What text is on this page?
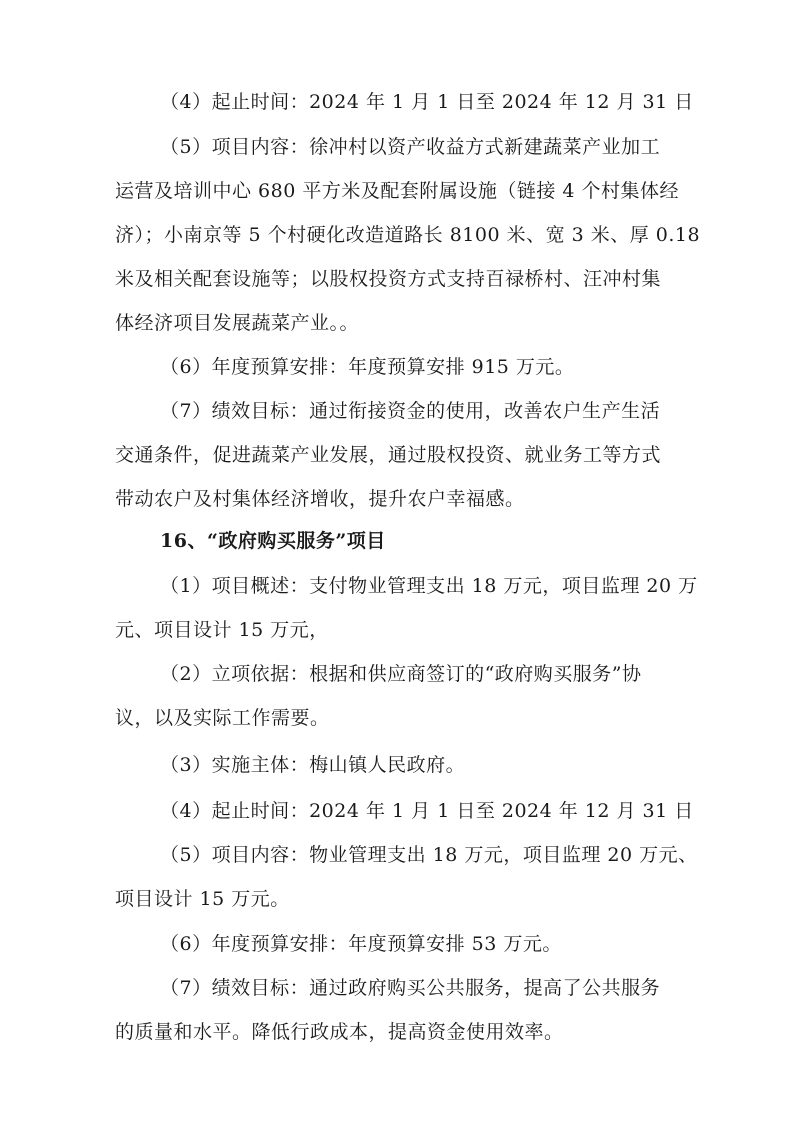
（4）起止时间：2024 年 1 月 1 日至 2024 年 12 月 31 日
（5）项目内容：徐冲村以资产收益方式新建蔬菜产业加工
运营及培训中心 680 平方米及配套附属设施（链接 4 个村集体经
济）；小南京等 5 个村硬化改造道路长 8100 米、宽 3 米、厚 0.18
米及相关配套设施等；以股权投资方式支持百禄桥村、汪冲村集
体经济项目发展蔬菜产业。。
（6）年度预算安排：年度预算安排 915 万元。
（7）绩效目标：通过衔接资金的使用，改善农户生产生活
交通条件，促进蔬菜产业发展，通过股权投资、就业务工等方式
带动农户及村集体经济增收，提升农户幸福感。
16、“政府购买服务”项目
（1）项目概述：支付物业管理支出 18 万元，项目监理 20 万
元、项目设计 15 万元，
（2）立项依据：根据和供应商签订的“政府购买服务”协
议，以及实际工作需要。
（3）实施主体：梅山镇人民政府。
（4）起止时间：2024 年 1 月 1 日至 2024 年 12 月 31 日
（5）项目内容：物业管理支出 18 万元，项目监理 20 万元、
项目设计 15 万元。
（6）年度预算安排：年度预算安排 53 万元。
（7）绩效目标：通过政府购买公共服务，提高了公共服务
的质量和水平。降低行政成本，提高资金使用效率。
